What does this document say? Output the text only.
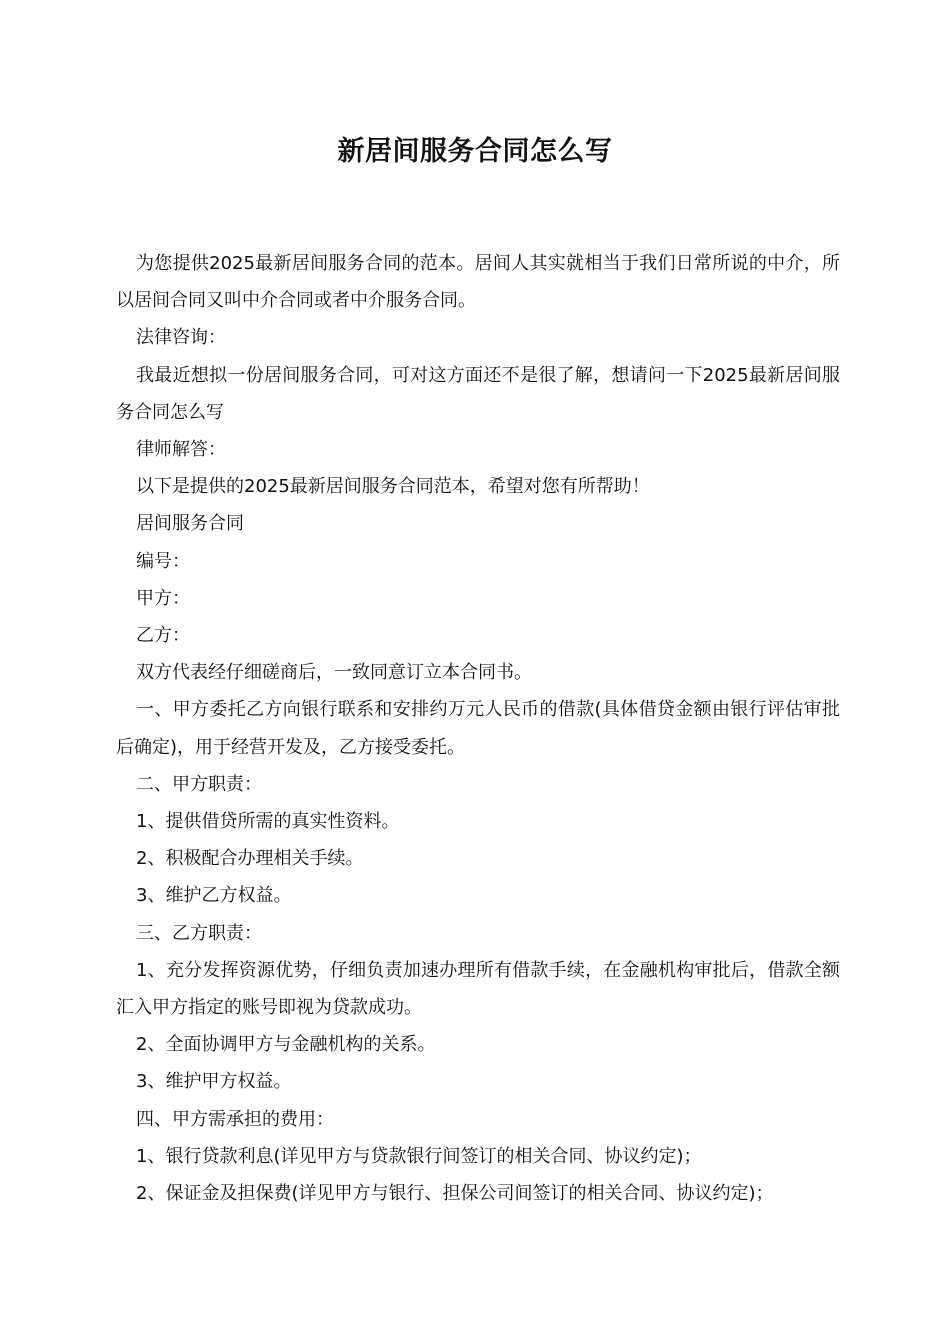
新居间服务合同怎么写

为您提供2025最新居间服务合同的范本。居间人其实就相当于我们日常所说的中介，所以居间合同又叫中介合同或者中介服务合同。

法律咨询：

我最近想拟一份居间服务合同，可对这方面还不是很了解，想请问一下2025最新居间服务合同怎么写

律师解答：

以下是提供的2025最新居间服务合同范本，希望对您有所帮助！

居间服务合同

编号：

甲方：

乙方：

双方代表经仔细磋商后，一致同意订立本合同书。

一、甲方委托乙方向银行联系和安排约万元人民币的借款(具体借贷金额由银行评估审批后确定)，用于经营开发及，乙方接受委托。

二、甲方职责：

1、提供借贷所需的真实性资料。

2、积极配合办理相关手续。

3、维护乙方权益。

三、乙方职责：

1、充分发挥资源优势，仔细负责加速办理所有借款手续，在金融机构审批后，借款全额汇入甲方指定的账号即视为贷款成功。

2、全面协调甲方与金融机构的关系。

3、维护甲方权益。

四、甲方需承担的费用：

1、银行贷款利息(详见甲方与贷款银行间签订的相关合同、协议约定)；

2、保证金及担保费(详见甲方与银行、担保公司间签订的相关合同、协议约定)；
